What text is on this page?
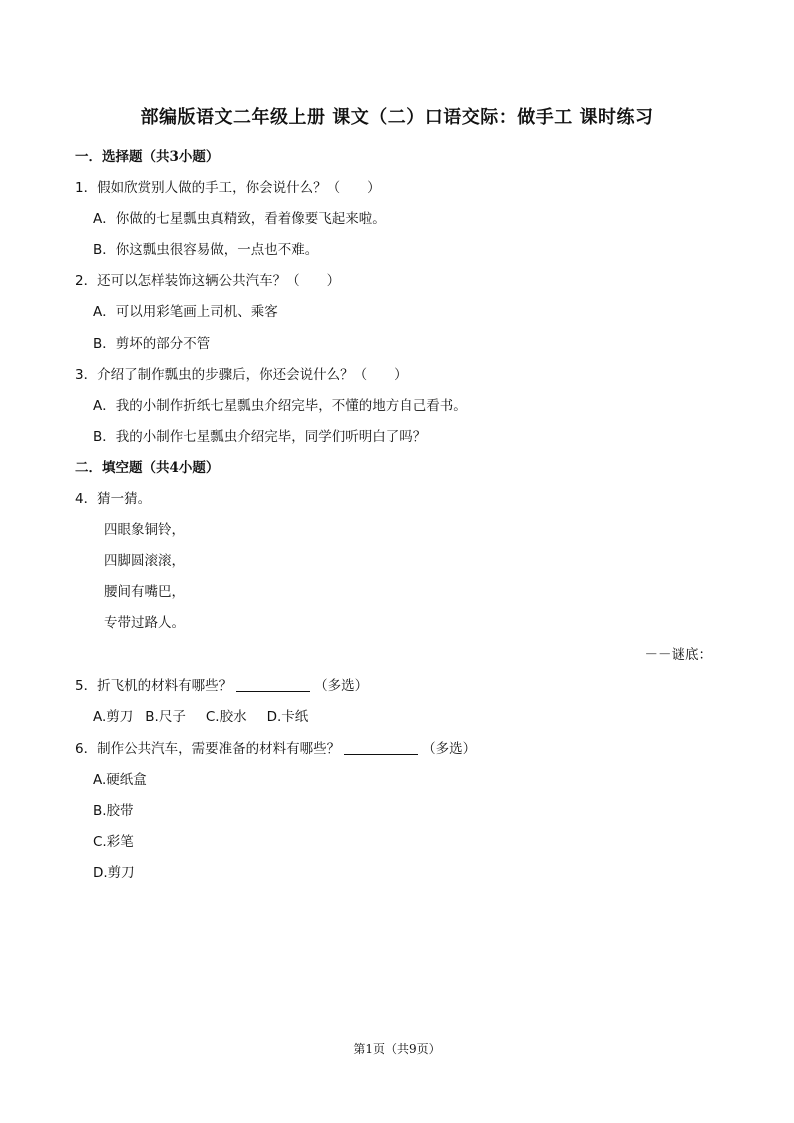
部编版语文二年级上册 课文（二）口语交际：做手工 课时练习
一．选择题（共3小题）
1．假如欣赏别人做的手工，你会说什么？（　　）
A．你做的七星瓢虫真精致，看着像要飞起来啦。
B．你这瓢虫很容易做，一点也不难。
2．还可以怎样装饰这辆公共汽车？（　　）
A．可以用彩笔画上司机、乘客
B．剪坏的部分不管
3．介绍了制作瓢虫的步骤后，你还会说什么？（　　）
A．我的小制作折纸七星瓢虫介绍完毕，不懂的地方自己看书。
B．我的小制作七星瓢虫介绍完毕，同学们听明白了吗？
二．填空题（共4小题）
4．猜一猜。
四眼象铜铃，
四脚圆滚滚，
腰间有嘴巴，
专带过路人。
－－谜底：
5．折飞机的材料有哪些？	（多选）
A.剪刀 B.尺子 C.胶水 D.卡纸
6．制作公共汽车，需要准备的材料有哪些？	（多选）
A.硬纸盒
B.胶带
C.彩笔
D.剪刀
第1页（共9页）
